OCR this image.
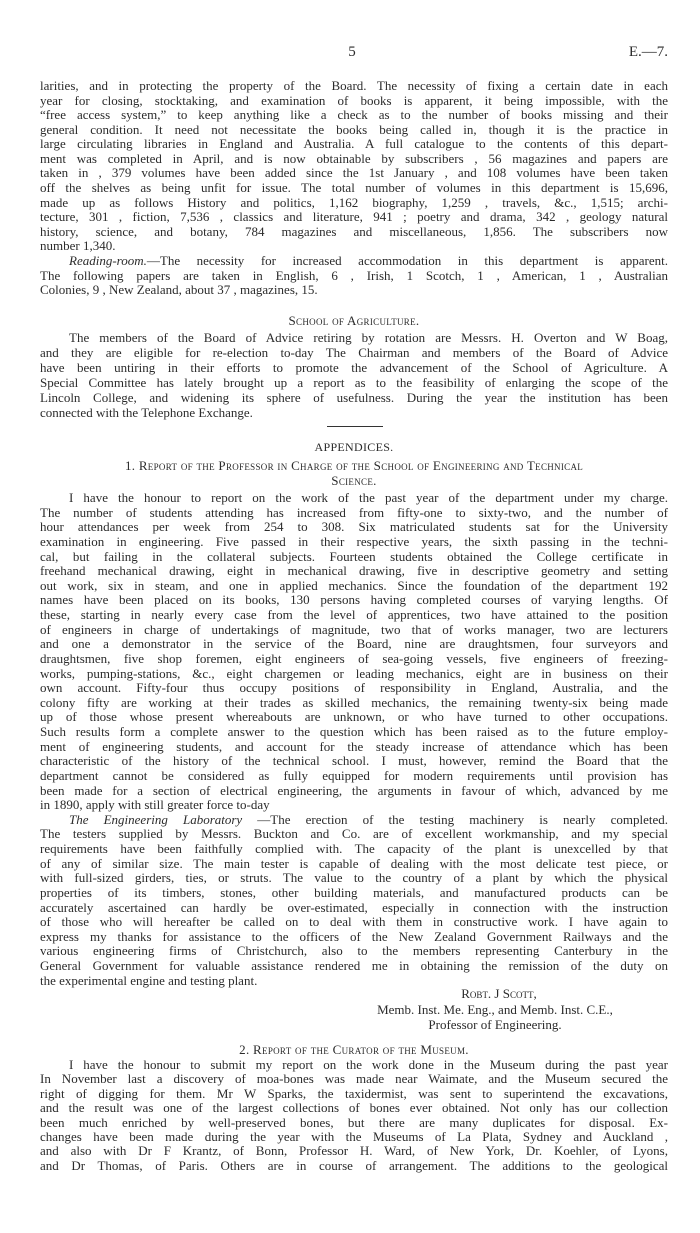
5	E.—7.
larities, and in protecting the property of the Board. The necessity of fixing a certain date in each
year for closing, stocktaking, and examination of books is apparent, it being impossible, with the
“free access system,” to keep anything like a check as to the number of books missing and their
general condition. It need not necessitate the books being called in, though it is the practice in
large circulating libraries in England and Australia. A full catalogue to the contents of this depart-
ment was completed in April, and is now obtainable by subscribers , 56 magazines and papers are
taken in , 379 volumes have been added since the 1st January , and 108 volumes have been taken
off the shelves as being unfit for issue. The total number of volumes in this department is 15,696,
made up as follows History and politics, 1,162 biography, 1,259 , travels, &c., 1,515; archi-
tecture, 301 , fiction, 7,536 , classics and literature, 941 ; poetry and drama, 342 , geology natural
history, science, and botany, 784 magazines and miscellaneous, 1,856. The subscribers now
number 1,340.
Reading-room.—The necessity for increased accommodation in this department is apparent.
The following papers are taken in English, 6 , Irish, 1 Scotch, 1 , American, 1 , Australian
Colonies, 9 , New Zealand, about 37 , magazines, 15.
School of Agriculture.
The members of the Board of Advice retiring by rotation are Messrs. H. Overton and W Boag,
and they are eligible for re-election to-day The Chairman and members of the Board of Advice
have been untiring in their efforts to promote the advancement of the School of Agriculture. A
Special Committee has lately brought up a report as to the feasibility of enlarging the scope of the
Lincoln College, and widening its sphere of usefulness. During the year the institution has been
connected with the Telephone Exchange.
APPENDICES.
1. Report of the Professor in Charge of the School of Engineering and Technical
Science.
I have the honour to report on the work of the past year of the department under my charge.
The number of students attending has increased from fifty-one to sixty-two, and the number of
hour attendances per week from 254 to 308. Six matriculated students sat for the University
examination in engineering. Five passed in their respective years, the sixth passing in the techni-
cal, but failing in the collateral subjects. Fourteen students obtained the College certificate in
freehand mechanical drawing, eight in mechanical drawing, five in descriptive geometry and setting
out work, six in steam, and one in applied mechanics. Since the foundation of the department 192
names have been placed on its books, 130 persons having completed courses of varying lengths. Of
these, starting in nearly every case from the level of apprentices, two have attained to the position
of engineers in charge of undertakings of magnitude, two that of works manager, two are lecturers
and one a demonstrator in the service of the Board, nine are draughtsmen, four surveyors and
draughtsmen, five shop foremen, eight engineers of sea-going vessels, five engineers of freezing-
works, pumping-stations, &c., eight chargemen or leading mechanics, eight are in business on their
own account. Fifty-four thus occupy positions of responsibility in England, Australia, and the
colony fifty are working at their trades as skilled mechanics, the remaining twenty-six being made
up of those whose present whereabouts are unknown, or who have turned to other occupations.
Such results form a complete answer to the question which has been raised as to the future employ-
ment of engineering students, and account for the steady increase of attendance which has been
characteristic of the history of the technical school. I must, however, remind the Board that the
department cannot be considered as fully equipped for modern requirements until provision has
been made for a section of electrical engineering, the arguments in favour of which, advanced by me
in 1890, apply with still greater force to-day
The Engineering Laboratory —The erection of the testing machinery is nearly completed.
The testers supplied by Messrs. Buckton and Co. are of excellent workmanship, and my special
requirements have been faithfully complied with. The capacity of the plant is unexcelled by that
of any of similar size. The main tester is capable of dealing with the most delicate test piece, or
with full-sized girders, ties, or struts. The value to the country of a plant by which the physical
properties of its timbers, stones, other building materials, and manufactured products can be
accurately ascertained can hardly be over-estimated, especially in connection with the instruction
of those who will hereafter be called on to deal with them in constructive work. I have again to
express my thanks for assistance to the officers of the New Zealand Government Railways and the
various engineering firms of Christchurch, also to the members representing Canterbury in the
General Government for valuable assistance rendered me in obtaining the remission of the duty on
the experimental engine and testing plant.
Robt. J Scott,
Memb. Inst. Me. Eng., and Memb. Inst. C.E.,
Professor of Engineering.
2. Report of the Curator of the Museum.
I have the honour to submit my report on the work done in the Museum during the past year
In November last a discovery of moa-bones was made near Waimate, and the Museum secured the
right of digging for them. Mr W Sparks, the taxidermist, was sent to superintend the excavations,
and the result was one of the largest collections of bones ever obtained. Not only has our collection
been much enriched by well-preserved bones, but there are many duplicates for disposal. Ex-
changes have been made during the year with the Museums of La Plata, Sydney and Auckland ,
and also with Dr F Krantz, of Bonn, Professor H. Ward, of New York, Dr. Koehler, of Lyons,
and Dr Thomas, of Paris. Others are in course of arrangement. The additions to the geological
